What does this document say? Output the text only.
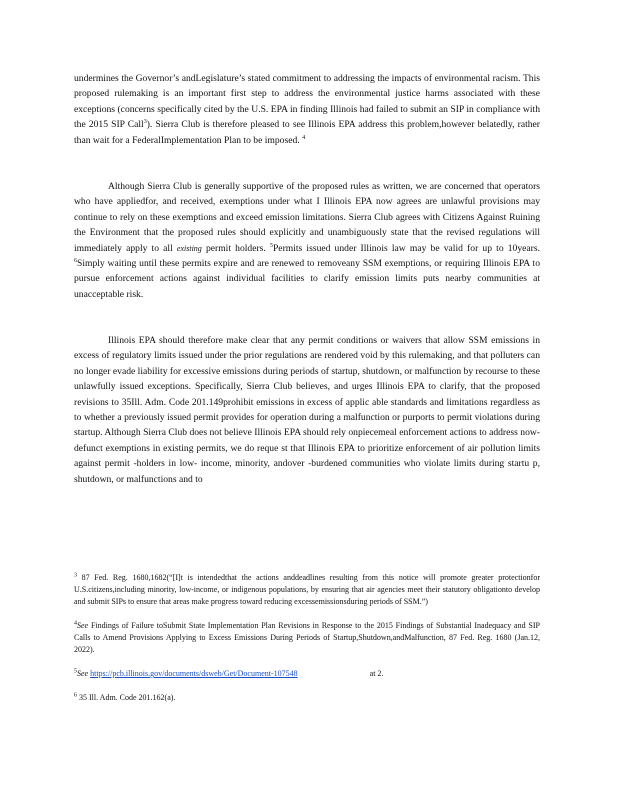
undermines the Governor’s andLegislature’s stated commitment to addressing the impacts of environmental racism. This proposed rulemaking is an important first step to address the environmental justice harms associated with these exceptions (concerns specifically cited by the U.S. EPA in finding Illinois had failed to submit an SIP in compliance with the 2015 SIP Call$^3$). Sierra Club is therefore pleased to see Illinois EPA address this problem,however belatedly, rather than wait for a FederalImplementation Plan to be imposed. $^4$

Although Sierra Club is generally supportive of the proposed rules as written, we are concerned that operators who have appliedfor, and received, exemptions under what I Illinois EPA now agrees are unlawful provisions may continue to rely on these exemptions and exceed emission limitations. Sierra Club agrees with Citizens Against Ruining the Environment that the proposed rules should explicitly and unambiguously state that the revised regulations will immediately apply to all existing permit holders. $^5$Permits issued under Illinois law may be valid for up to 10years. $^6$Simply waiting until these permits expire and are renewed to removeany SSM exemptions, or requiring Illinois EPA to pursue enforcement actions against individual facilities to clarify emission limits puts nearby communities at unacceptable risk.

Illinois EPA should therefore make clear that any permit conditions or waivers that allow SSM emissions in excess of regulatory limits issued under the prior regulations are rendered void by this rulemaking, and that polluters can no longer evade liability for excessive emissions during periods of startup, shutdown, or malfunction by recourse to these unlawfully issued exceptions. Specifically, Sierra Club believes, and urges Illinois EPA to clarify, that the proposed revisions to 35Ill. Adm. Code 201.149prohibit emissions in excess of applic able standards and limitations regardless as to whether a previously issued permit provides for operation during a malfunction or purports to permit violations during startup. Although Sierra Club does not believe Illinois EPA should rely onpiecemeal enforcement actions to address now-defunct exemptions in existing permits, we do reque st that Illinois EPA to prioritize enforcement of air pollution limits against permit -holders in low- income, minority, andover -burdened communities who violate limits during startu p, shutdown, or malfunctions and to

$^3$ 87 Fed. Reg. 1680,1682(“[I]t is intendedthat the actions anddeadlines resulting from this notice will promote greater protectionfor U.S.citizens,including minority, low-income, or indigenous populations, by ensuring that air agencies meet their statutory obligationto develop and submit SIPs to ensure that areas make progress toward reducing excessemissionsduring periods of SSM.”)

$^4$See Findings of Failure toSubmit State Implementation Plan Revisions in Response to the 2015 Findings of Substantial Inadequacy and SIP Calls to Amend Provisions Applying to Excess Emissions During Periods of Startup,Shutdown,andMalfunction, 87 Fed. Reg. 1680 (Jan.12, 2022).

$^5$See https://pcb.illinois.gov/documents/dsweb/Get/Document-107548	at 2.

$^6$ 35 Ill. Adm. Code 201.162(a).
